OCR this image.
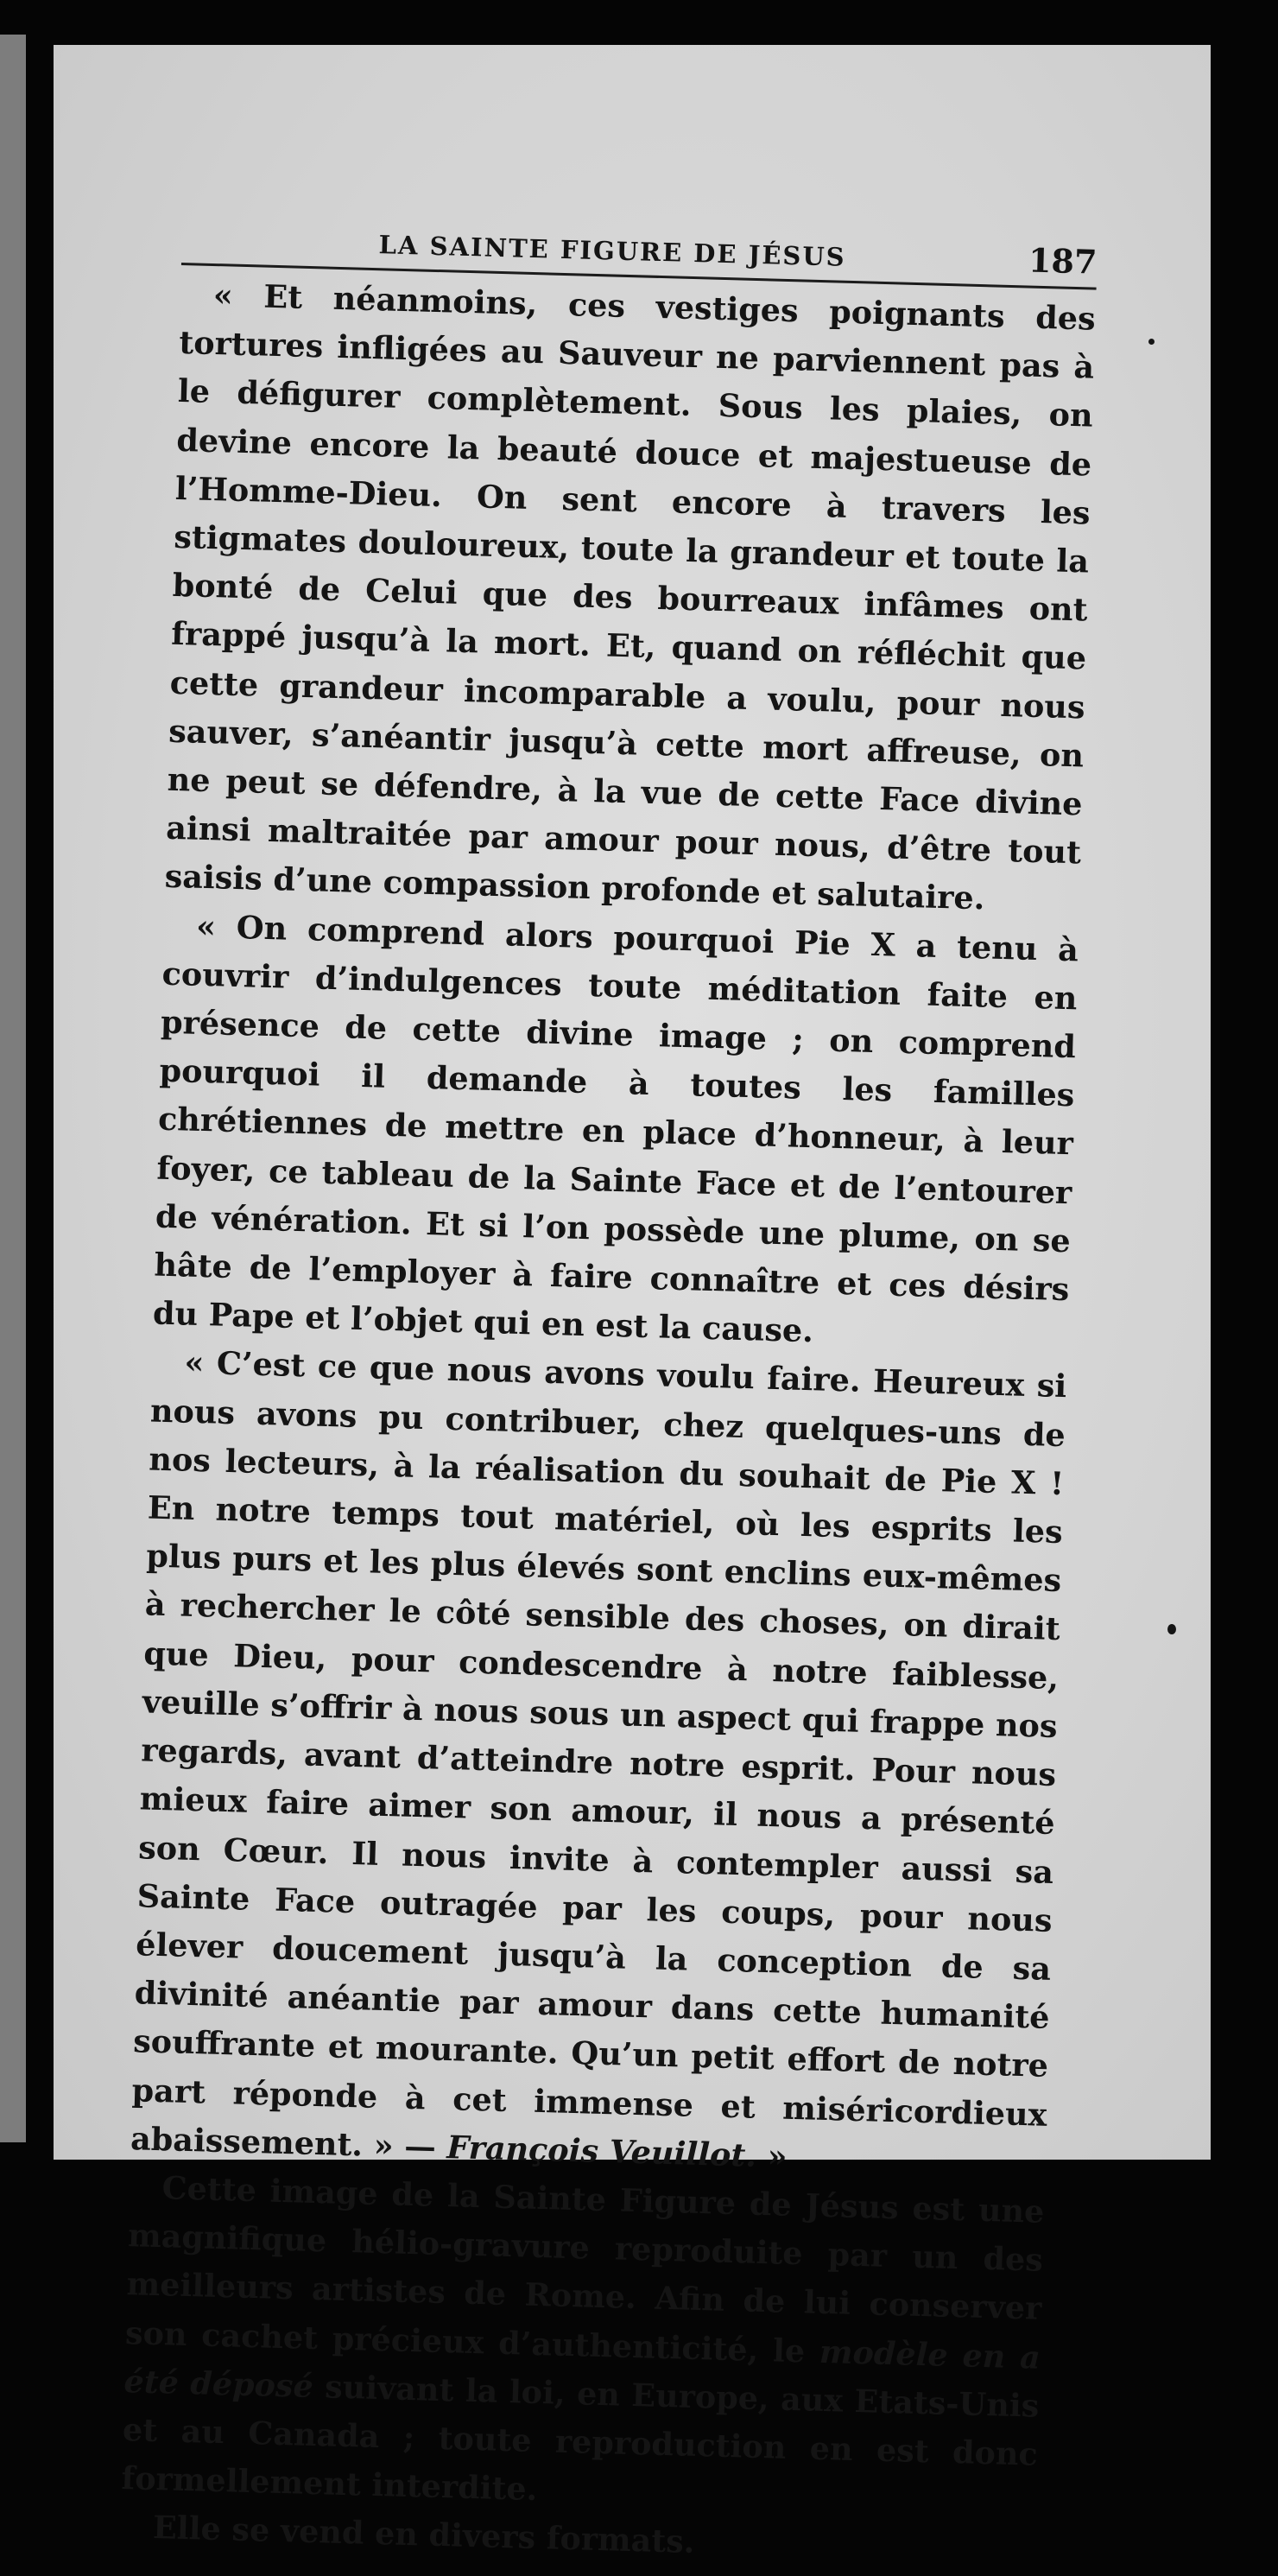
LA SAINTE FIGURE DE JÉSUS	187

« Et néanmoins, ces vestiges poignants des tortures infligées au Sauveur ne parviennent pas à le défigurer complètement. Sous les plaies, on devine encore la beauté douce et majestueuse de l’Homme-Dieu. On sent encore à travers les stigmates douloureux, toute la grandeur et toute la bonté de Celui que des bourreaux infâmes ont frappé jusqu’à la mort. Et, quand on réfléchit que cette grandeur incomparable a voulu, pour nous sauver, s’anéantir jusqu’à cette mort affreuse, on ne peut se défendre, à la vue de cette Face divine ainsi maltraitée par amour pour nous, d’être tout saisis d’une compassion profonde et salutaire.

« On comprend alors pourquoi Pie X a tenu à couvrir d’indulgences toute méditation faite en présence de cette divine image ; on comprend pourquoi il demande à toutes les familles chrétiennes de mettre en place d’honneur, à leur foyer, ce tableau de la Sainte Face et de l’entourer de vénération. Et si l’on possède une plume, on se hâte de l’employer à faire connaître et ces désirs du Pape et l’objet qui en est la cause.

« C’est ce que nous avons voulu faire. Heureux si nous avons pu contribuer, chez quelques-uns de nos lecteurs, à la réalisation du souhait de Pie X ! En notre temps tout matériel, où les esprits les plus purs et les plus élevés sont enclins eux-mêmes à rechercher le côté sensible des choses, on dirait que Dieu, pour condescendre à notre faiblesse, veuille s’offrir à nous sous un aspect qui frappe nos regards, avant d’atteindre notre esprit. Pour nous mieux faire aimer son amour, il nous a présenté son Cœur. Il nous invite à contempler aussi sa Sainte Face outragée par les coups, pour nous élever doucement jusqu’à la conception de sa divinité anéantie par amour dans cette humanité souffrante et mourante. Qu’un petit effort de notre part réponde à cet immense et miséricordieux abaissement. » — François Veuillot. »

Cette image de la Sainte Figure de Jésus est une magnifique hélio-gravure reproduite par un des meilleurs artistes de Rome. Afin de lui conserver son cachet précieux d’authenticité, le modèle en a été déposé suivant la loi, en Europe, aux Etats-Unis et au Canada ; toute reproduction en est donc formellement interdite.

Elle se vend en divers formats.
